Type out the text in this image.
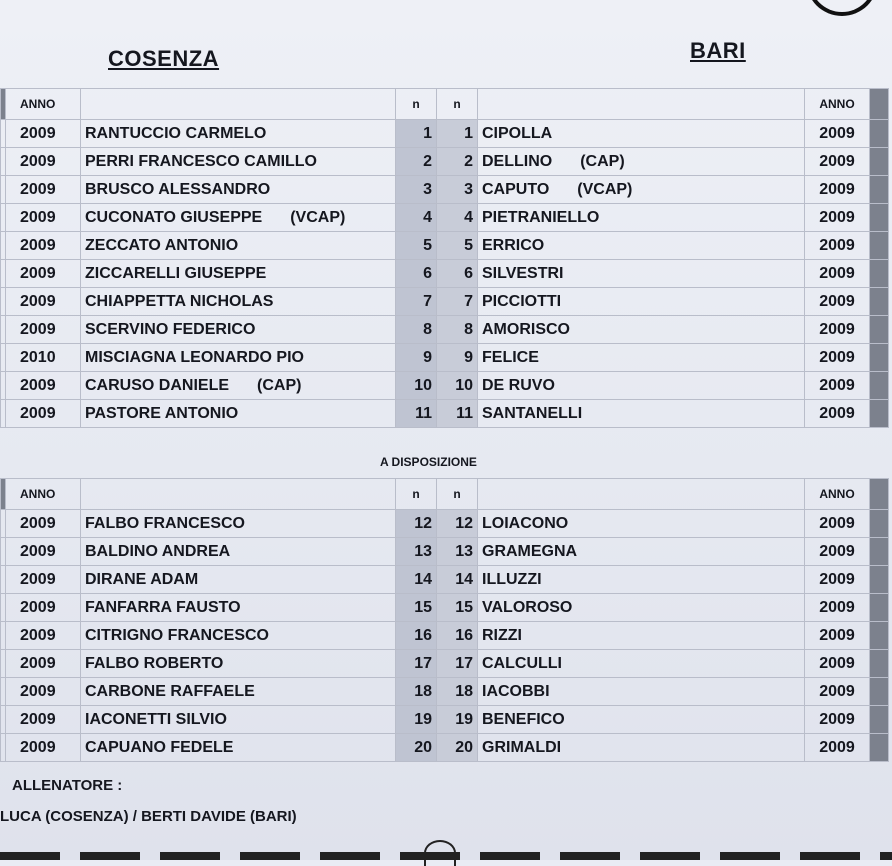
COSENZA	BARI
	ANNO		n	n		ANNO	
	2009	RANTUCCIO CARMELO	1	1	CIPOLLA	2009	
	2009	PERRI FRANCESCO CAMILLO	2	2	DELLINO (CAP)	2009	
	2009	BRUSCO ALESSANDRO	3	3	CAPUTO (VCAP)	2009	
	2009	CUCONATO GIUSEPPE (VCAP)	4	4	PIETRANIELLO	2009	
	2009	ZECCATO ANTONIO	5	5	ERRICO	2009	
	2009	ZICCARELLI GIUSEPPE	6	6	SILVESTRI	2009	
	2009	CHIAPPETTA NICHOLAS	7	7	PICCIOTTI	2009	
	2009	SCERVINO FEDERICO	8	8	AMORISCO	2009	
	2010	MISCIAGNA LEONARDO PIO	9	9	FELICE	2009	
	2009	CARUSO DANIELE (CAP)	10	10	DE RUVO	2009	
	2009	PASTORE ANTONIO	11	11	SANTANELLI	2009	
A DISPOSIZIONE
	ANNO		n	n		ANNO	
	2009	FALBO FRANCESCO	12	12	LOIACONO	2009	
	2009	BALDINO ANDREA	13	13	GRAMEGNA	2009	
	2009	DIRANE ADAM	14	14	ILLUZZI	2009	
	2009	FANFARRA FAUSTO	15	15	VALOROSO	2009	
	2009	CITRIGNO FRANCESCO	16	16	RIZZI	2009	
	2009	FALBO ROBERTO	17	17	CALCULLI	2009	
	2009	CARBONE RAFFAELE	18	18	IACOBBI	2009	
	2009	IACONETTI SILVIO	19	19	BENEFICO	2009	
	2009	CAPUANO FEDELE	20	20	GRIMALDI	2009	
ALLENATORE :
LUCA (COSENZA) / BERTI DAVIDE (BARI)
